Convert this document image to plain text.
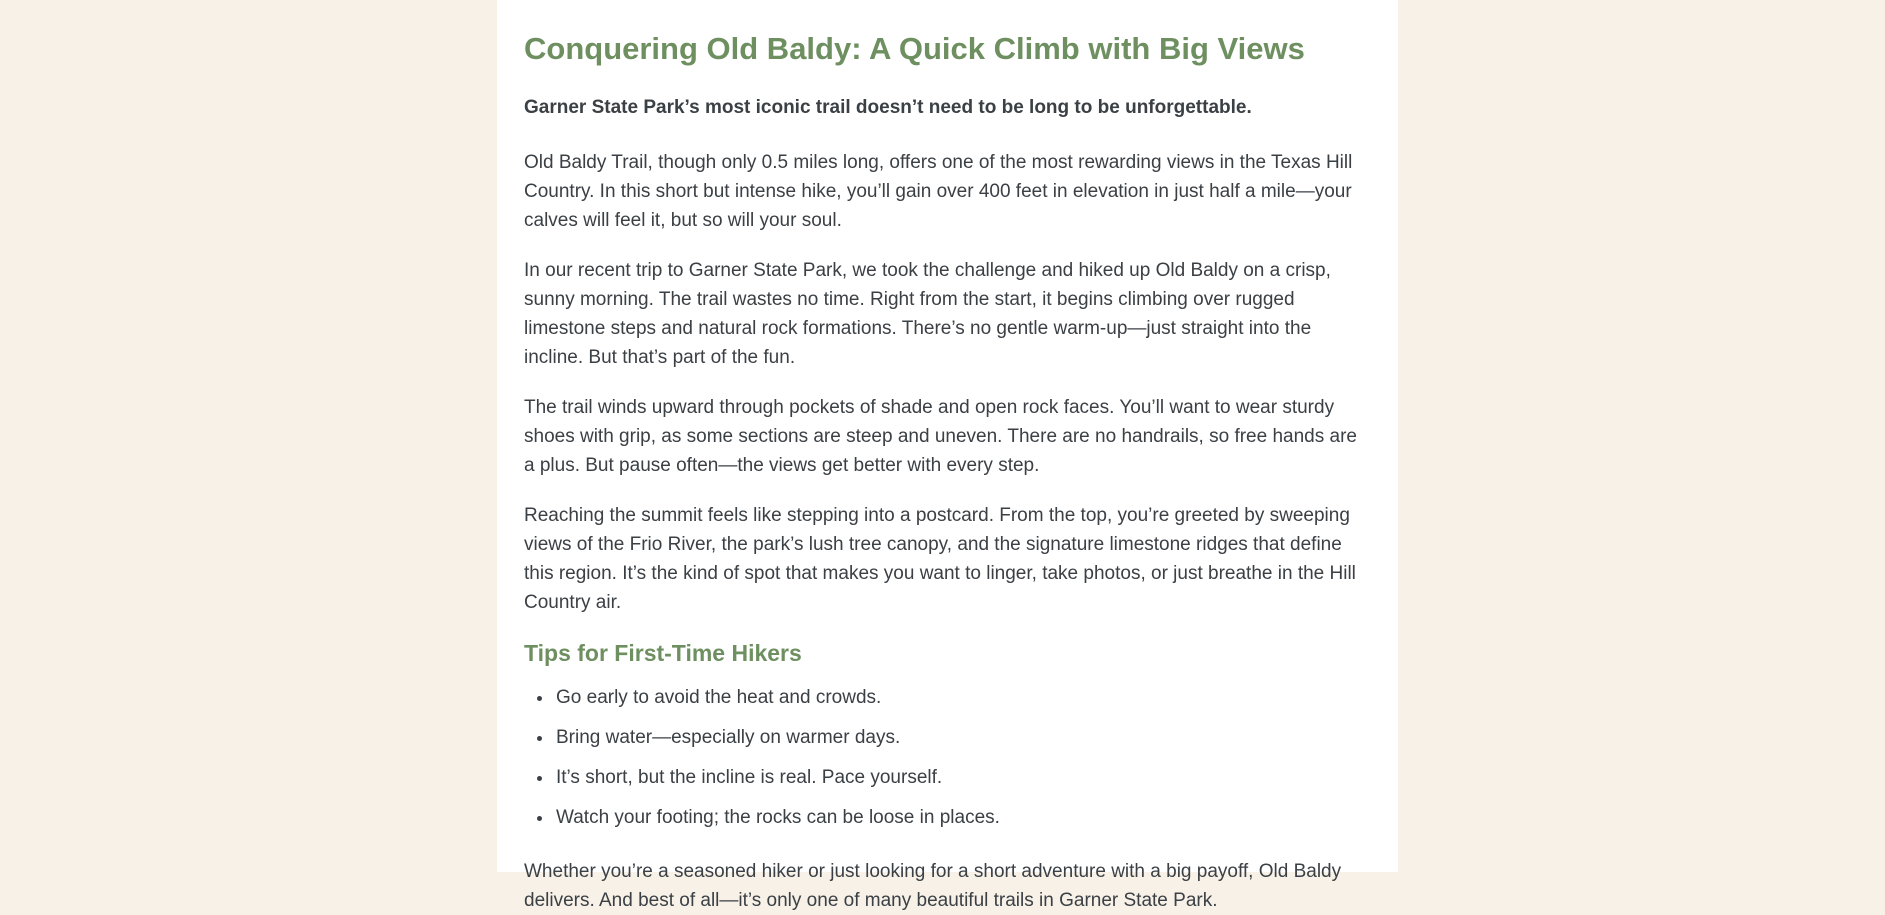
Conquering Old Baldy: A Quick Climb with Big Views

Garner State Park’s most iconic trail doesn’t need to be long to be unforgettable.

Old Baldy Trail, though only 0.5 miles long, offers one of the most rewarding views in the Texas Hill Country. In this short but intense hike, you’ll gain over 400 feet in elevation in just half a mile—your calves will feel it, but so will your soul.

In our recent trip to Garner State Park, we took the challenge and hiked up Old Baldy on a crisp, sunny morning. The trail wastes no time. Right from the start, it begins climbing over rugged limestone steps and natural rock formations. There’s no gentle warm-up—just straight into the incline. But that’s part of the fun.

The trail winds upward through pockets of shade and open rock faces. You’ll want to wear sturdy shoes with grip, as some sections are steep and uneven. There are no handrails, so free hands are a plus. But pause often—the views get better with every step.

Reaching the summit feels like stepping into a postcard. From the top, you’re greeted by sweeping views of the Frio River, the park’s lush tree canopy, and the signature limestone ridges that define this region. It’s the kind of spot that makes you want to linger, take photos, or just breathe in the Hill Country air.

Tips for First-Time Hikers
• Go early to avoid the heat and crowds.
• Bring water—especially on warmer days.
• It’s short, but the incline is real. Pace yourself.
• Watch your footing; the rocks can be loose in places.

Whether you’re a seasoned hiker or just looking for a short adventure with a big payoff, Old Baldy delivers. And best of all—it’s only one of many beautiful trails in Garner State Park.
